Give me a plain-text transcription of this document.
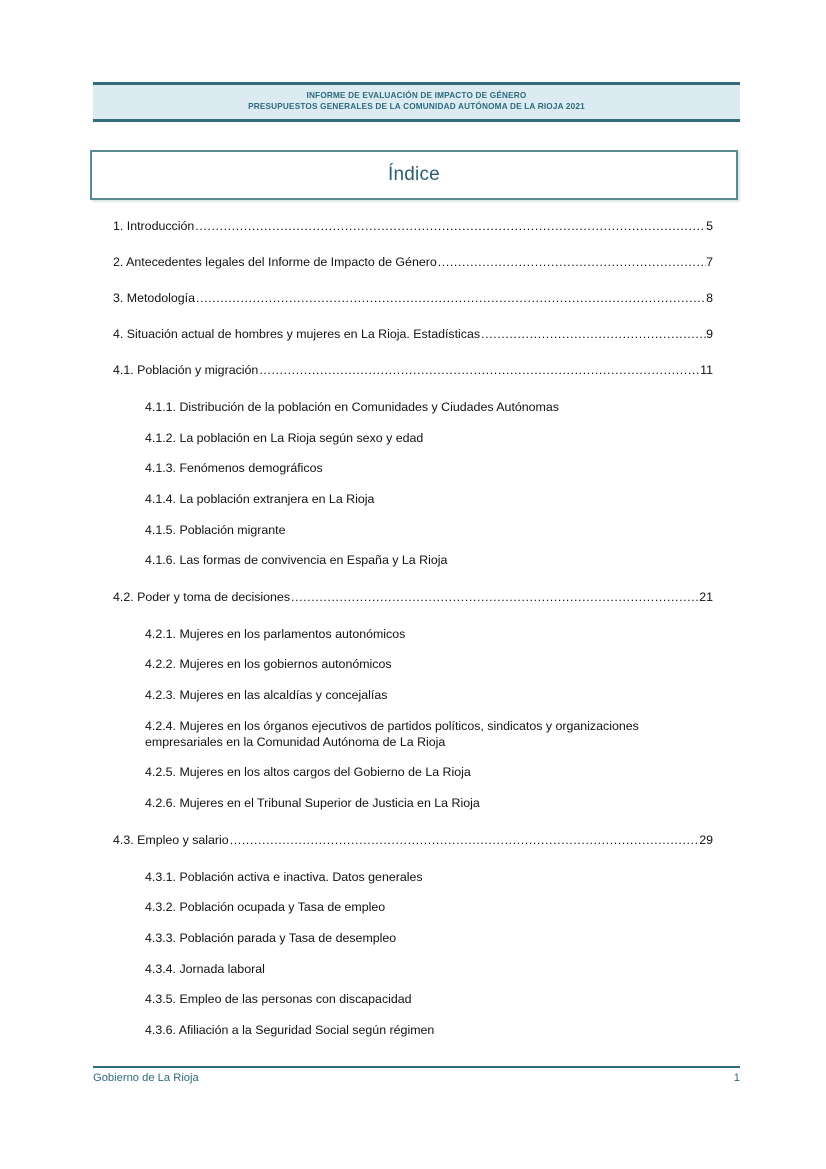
INFORME DE EVALUACIÓN DE IMPACTO DE GÉNERO
PRESUPUESTOS GENERALES DE LA COMUNIDAD AUTÓNOMA DE LA RIOJA 2021
Índice
1. Introducción .....	5
2. Antecedentes legales del Informe de Impacto de Género .....	7
3. Metodología .....	8
4. Situación actual de hombres y mujeres en La Rioja. Estadísticas .....	9
4.1. Población y migración .....	11
4.1.1. Distribución de la población en Comunidades y Ciudades Autónomas
4.1.2. La población en La Rioja según sexo y edad
4.1.3. Fenómenos demográficos
4.1.4. La población extranjera en La Rioja
4.1.5. Población migrante
4.1.6. Las formas de convivencia en España y La Rioja
4.2. Poder y toma de decisiones .....	21
4.2.1. Mujeres en los parlamentos autonómicos
4.2.2. Mujeres en los gobiernos autonómicos
4.2.3. Mujeres en las alcaldías y concejalías
4.2.4. Mujeres en los órganos ejecutivos de partidos políticos, sindicatos y organizaciones
empresariales en la Comunidad Autónoma de La Rioja
4.2.5. Mujeres en los altos cargos del Gobierno de La Rioja
4.2.6. Mujeres en el Tribunal Superior de Justicia en La Rioja
4.3. Empleo y salario .....	29
4.3.1. Población activa e inactiva. Datos generales
4.3.2. Población ocupada y Tasa de empleo
4.3.3. Población parada y Tasa de desempleo
4.3.4. Jornada laboral
4.3.5. Empleo de las personas con discapacidad
4.3.6. Afiliación a la Seguridad Social según régimen
Gobierno de La Rioja	1
